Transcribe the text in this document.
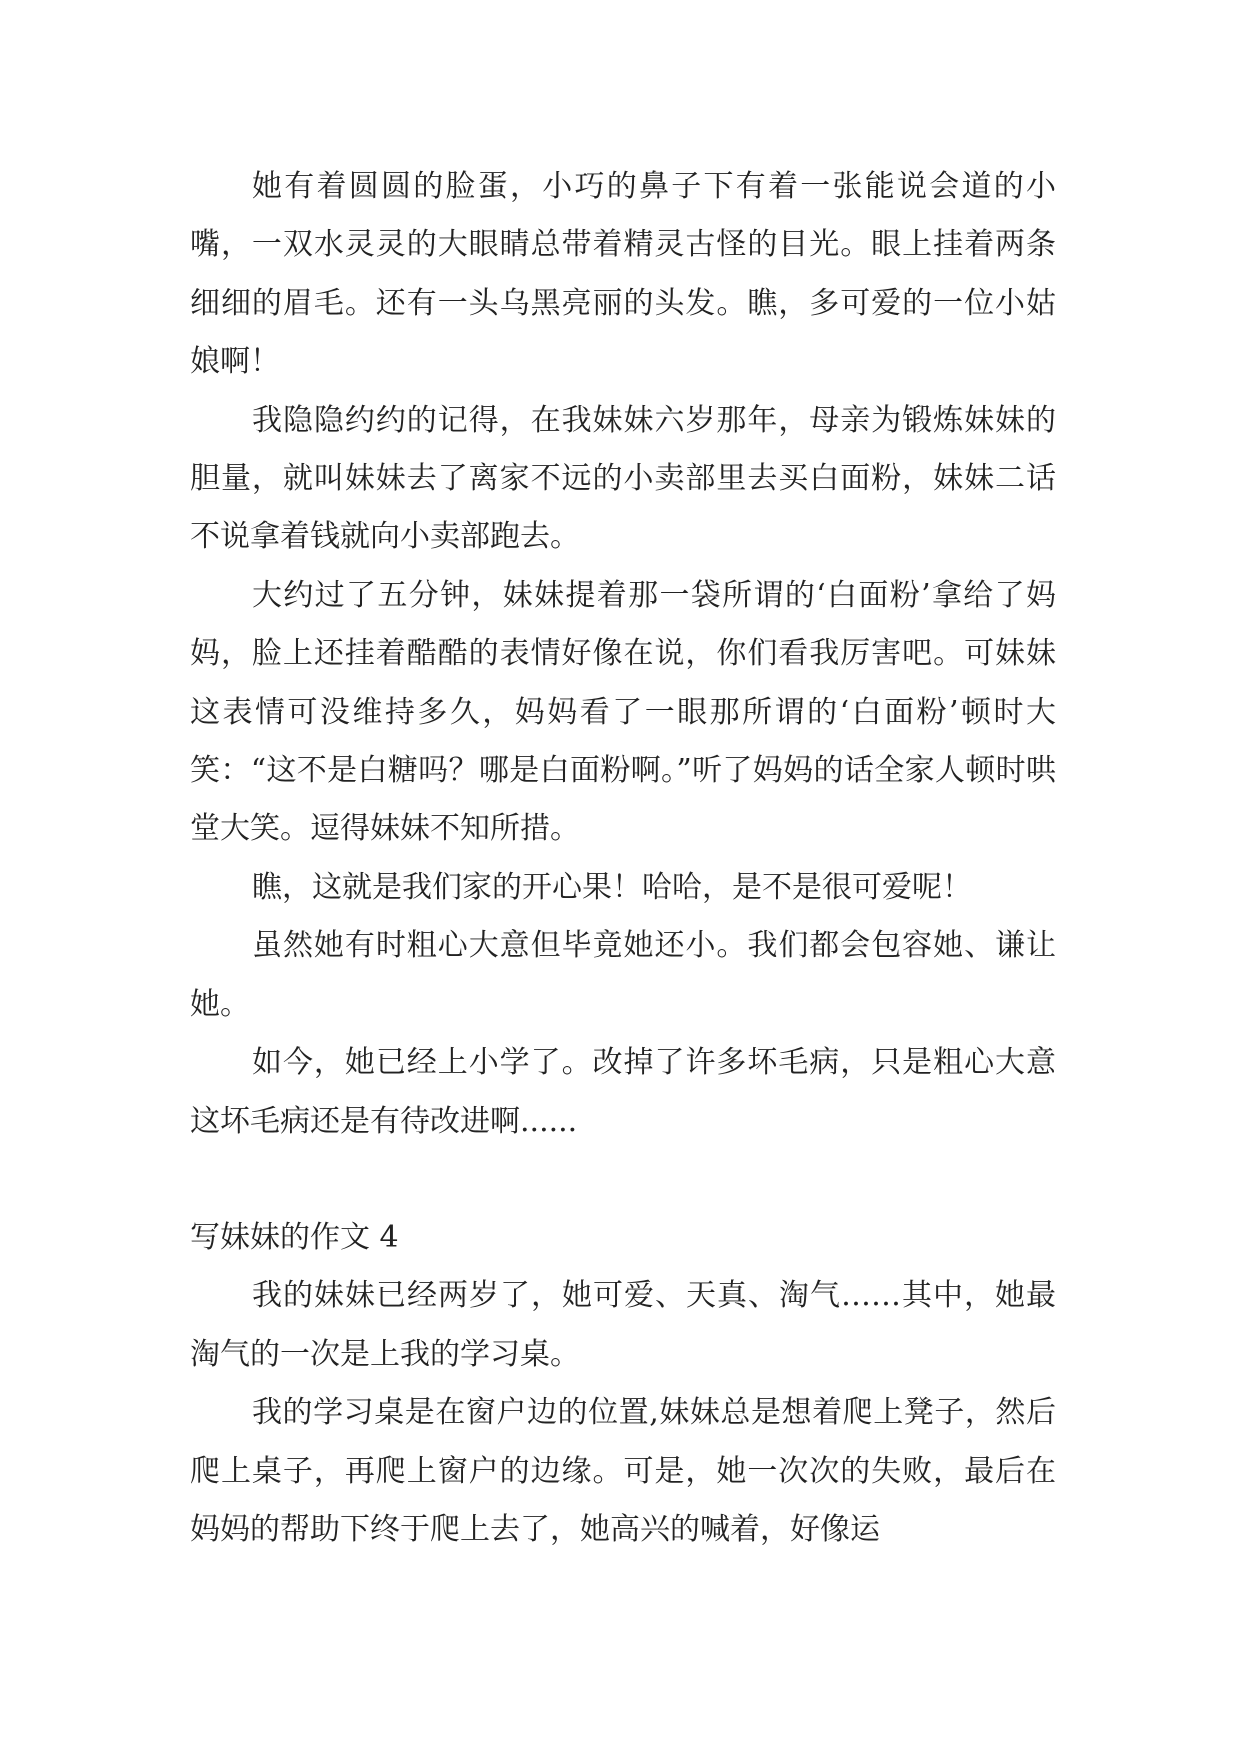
她有着圆圆的脸蛋，小巧的鼻子下有着一张能说会道的小嘴，一双水灵灵的大眼睛总带着精灵古怪的目光。眼上挂着两条细细的眉毛。还有一头乌黑亮丽的头发。瞧，多可爱的一位小姑娘啊！

我隐隐约约的记得，在我妹妹六岁那年，母亲为锻炼妹妹的胆量，就叫妹妹去了离家不远的小卖部里去买白面粉，妹妹二话不说拿着钱就向小卖部跑去。

大约过了五分钟，妹妹提着那一袋所谓的‘白面粉’拿给了妈妈，脸上还挂着酷酷的表情好像在说，你们看我厉害吧。可妹妹这表情可没维持多久，妈妈看了一眼那所谓的‘白面粉’顿时大笑：“这不是白糖吗？哪是白面粉啊。”听了妈妈的话全家人顿时哄堂大笑。逗得妹妹不知所措。

瞧，这就是我们家的开心果！哈哈，是不是很可爱呢！

虽然她有时粗心大意但毕竟她还小。我们都会包容她、谦让她。

如今，她已经上小学了。改掉了许多坏毛病，只是粗心大意这坏毛病还是有待改进啊......

写妹妹的作文 4

我的妹妹已经两岁了，她可爱、天真、淘气……其中，她最淘气的一次是上我的学习桌。

我的学习桌是在窗户边的位置,妹妹总是想着爬上凳子，然后爬上桌子，再爬上窗户的边缘。可是，她一次次的失败，最后在妈妈的帮助下终于爬上去了，她高兴的喊着，好像运
